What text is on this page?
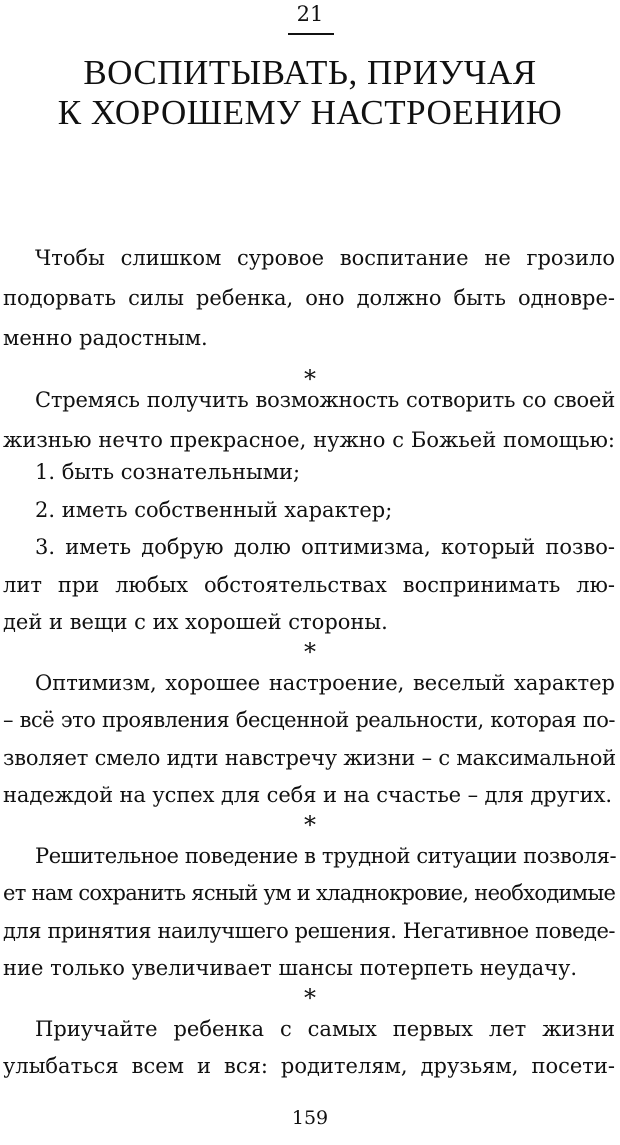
21
ВОСПИТЫВАТЬ, ПРИУЧАЯ
К ХОРОШЕМУ НАСТРОЕНИЮ
Чтобы слишком суровое воспитание не грозило
подорвать силы ребенка, оно должно быть одновре-
менно радостным.
*
Стремясь получить возможность сотворить со своей
жизнью нечто прекрасное, нужно с Божьей помощью:
1. быть сознательными;
2. иметь собственный характер;
3. иметь добрую долю оптимизма, который позво-
лит при любых обстоятельствах воспринимать лю-
дей и вещи с их хорошей стороны.
*
Оптимизм, хорошее настроение, веселый характер
– всё это проявления бесценной реальности, которая по-
зволяет смело идти навстречу жизни – с максимальной
надеждой на успех для себя и на счастье – для других.
*
Решительное поведение в трудной ситуации позволя-
ет нам сохранить ясный ум и хладнокровие, необходимые
для принятия наилучшего решения. Негативное поведе-
ние только увеличивает шансы потерпеть неудачу.
*
Приучайте ребенка с самых первых лет жизни
улыбаться всем и вся: родителям, друзьям, посети-
159
